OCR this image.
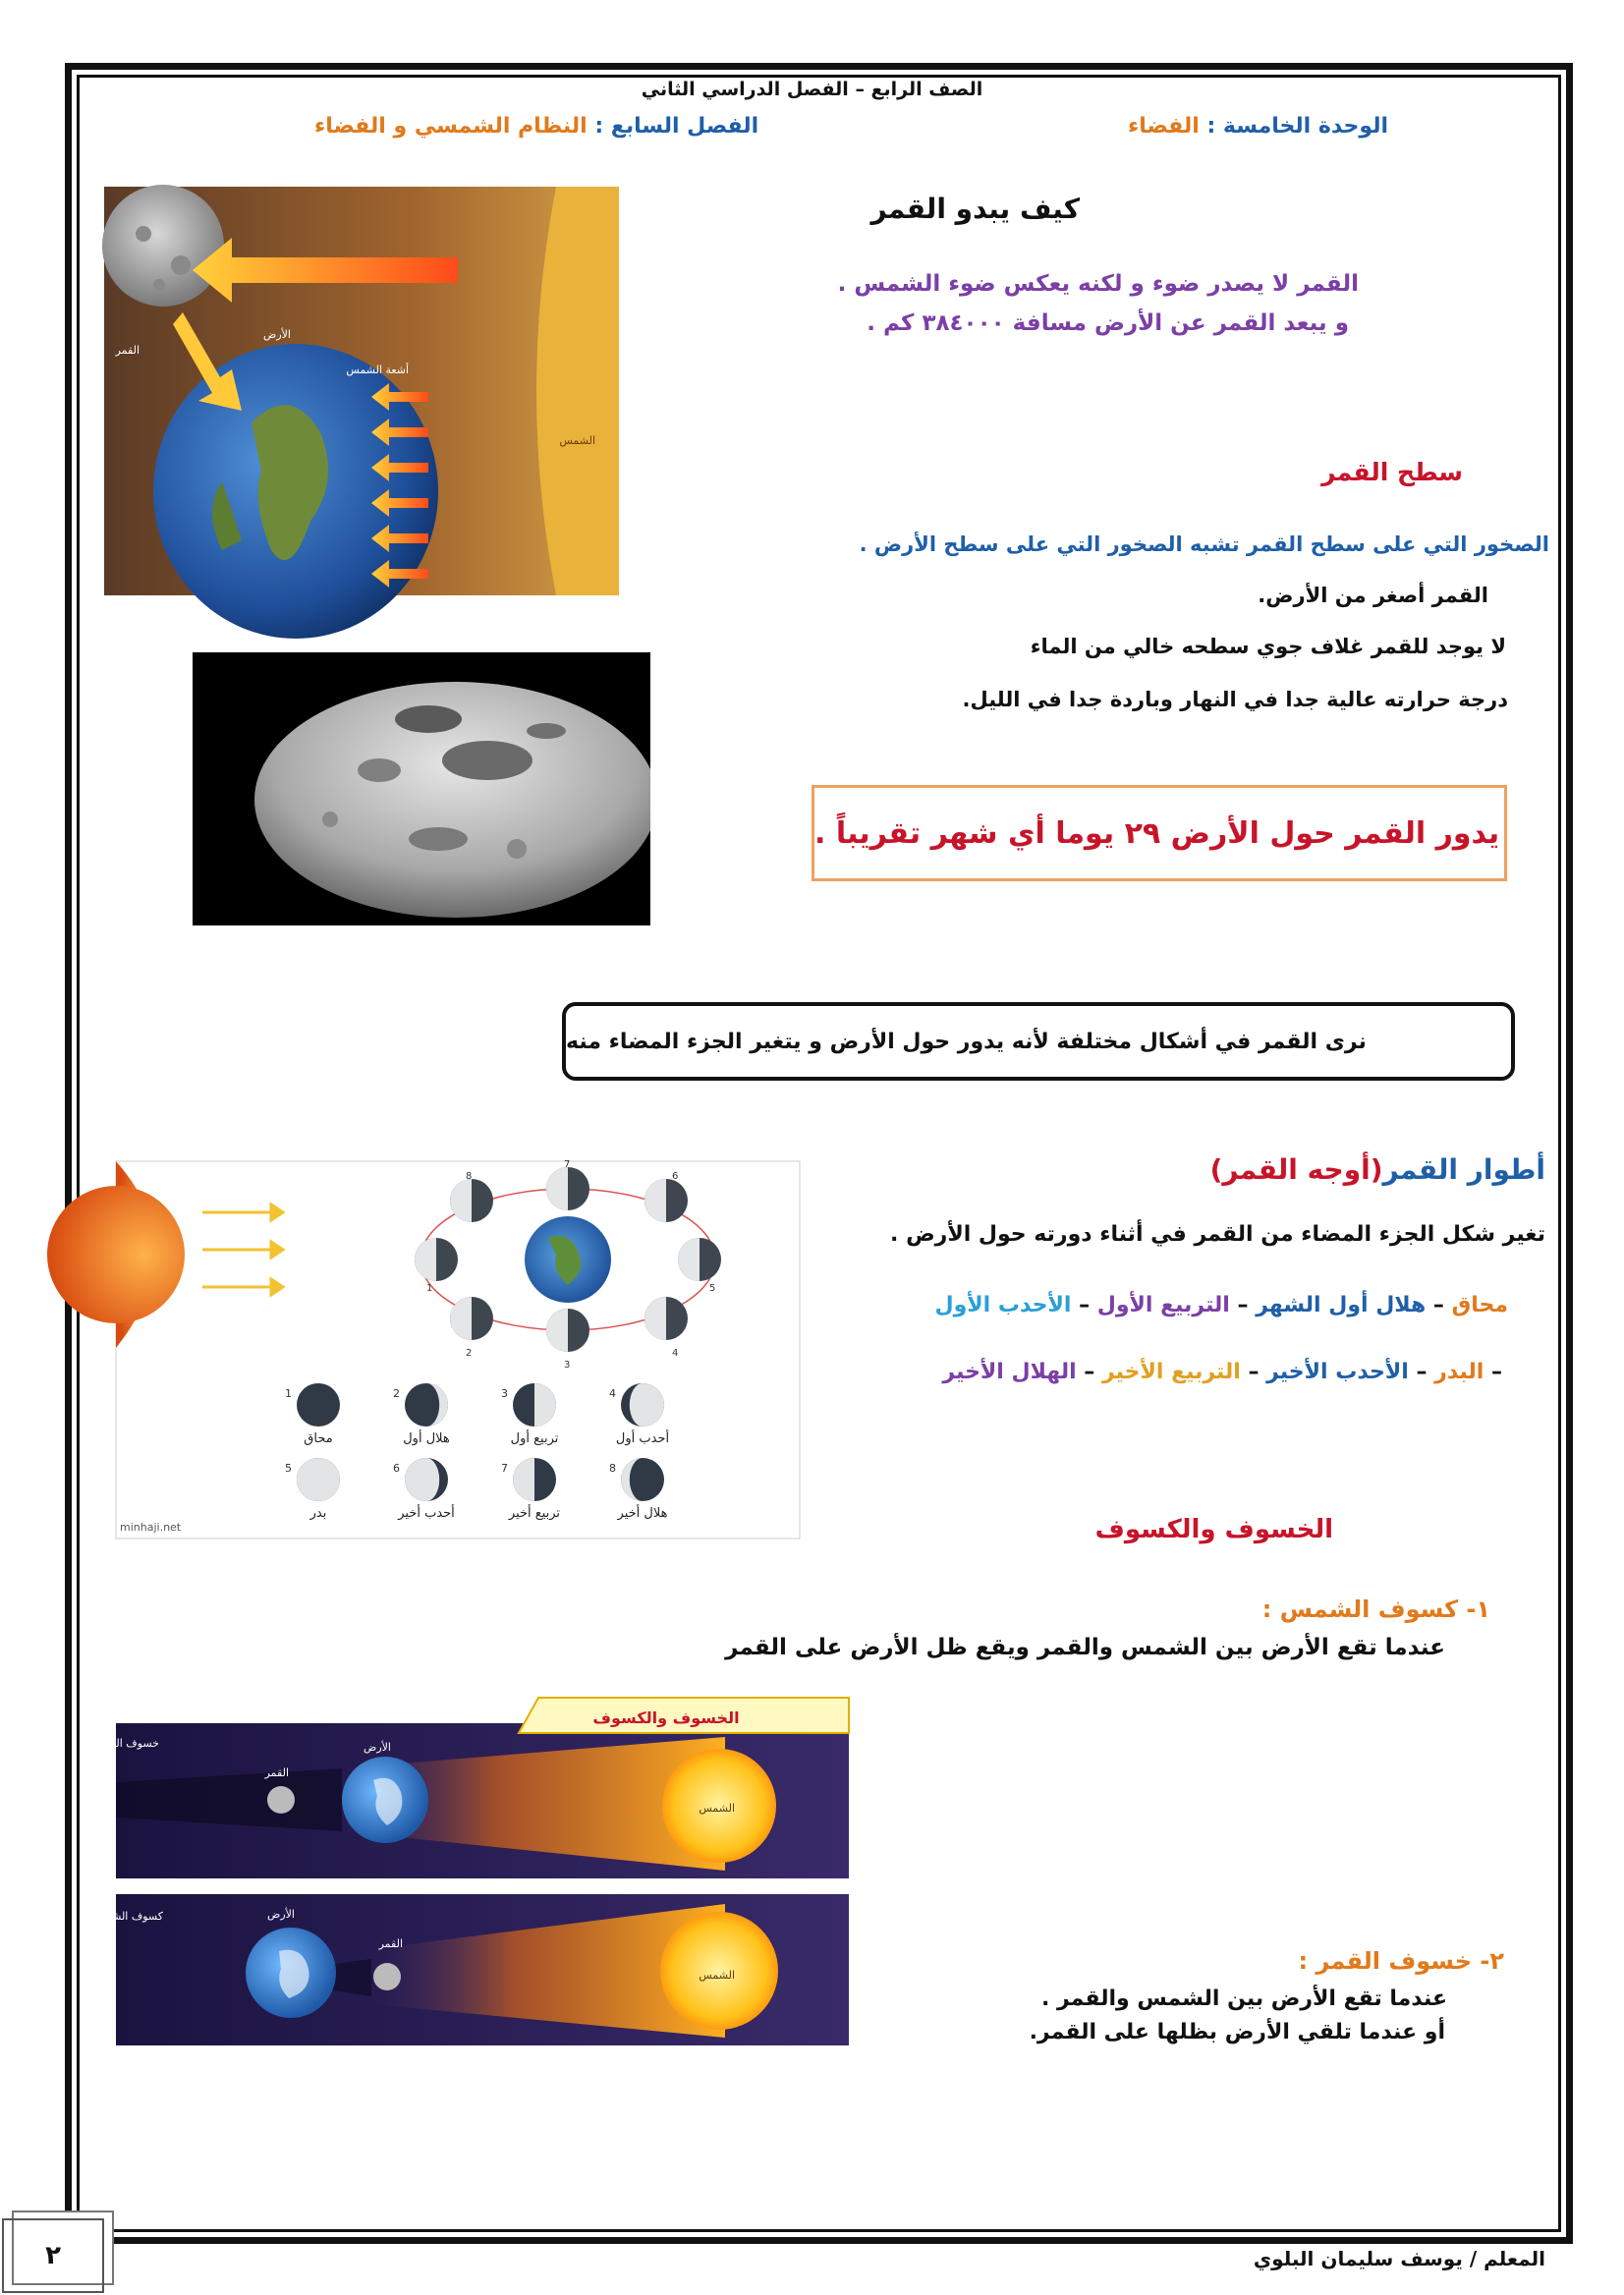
الصف الرابع – الفصل الدراسي الثاني
الوحدة الخامسة : الفضاء
الفصل السابع : النظام الشمسي و الفضاء
القمر
الأرض
أشعة الشمس
الشمس
كيف يبدو القمر
القمر لا يصدر ضوء و لكنه يعكس ضوء الشمس .
و يبعد القمر عن الأرض مسافة ٣٨٤٠٠٠ كم .
سطح القمر
الصخور التي على سطح القمر تشبه الصخور التي على سطح الأرض .
القمر أصغر من الأرض.
لا يوجد للقمر غلاف جوي سطحه خالي من الماء
درجة حرارته عالية جدا في النهار وباردة جدا في الليل.
يدور القمر حول الأرض ٢٩ يوما أي شهر تقريباً .
نرى القمر في أشكال مختلفة لأنه يدور حول الأرض و يتغير الجزء المضاء منه
أطوار القمر(أوجه القمر)
تغير شكل الجزء المضاء من القمر في أثناء دورته حول الأرض .
محاق – هلال أول الشهر – التربيع الأول – الأحدب الأول
– البدر – الأحدب الأخير – التربيع الأخير – الهلال الأخير
1
2
3
4
5
6
7
8
1
محاق
2
هلال أول
3
تربيع أول
4
أحدب أول
5
بدر
6
أحدب أخير
7
تربيع أخير
8
هلال أخير
minhaji.net	الخسوف والكسوف
١- كسوف الشمس :
عندما تقع الأرض بين الشمس والقمر ويقع ظل الأرض على القمر
٢- خسوف القمر :
عندما تقع الأرض بين الشمس والقمر .
أو عندما تلقي الأرض بظلها على القمر.
الخسوف والكسوف
خسوف القمر	الأرض
القمر
الشمس
كسوف الشمس	الأرض
القمر
الشمس
٢	المعلم / يوسف سليمان البلوي
